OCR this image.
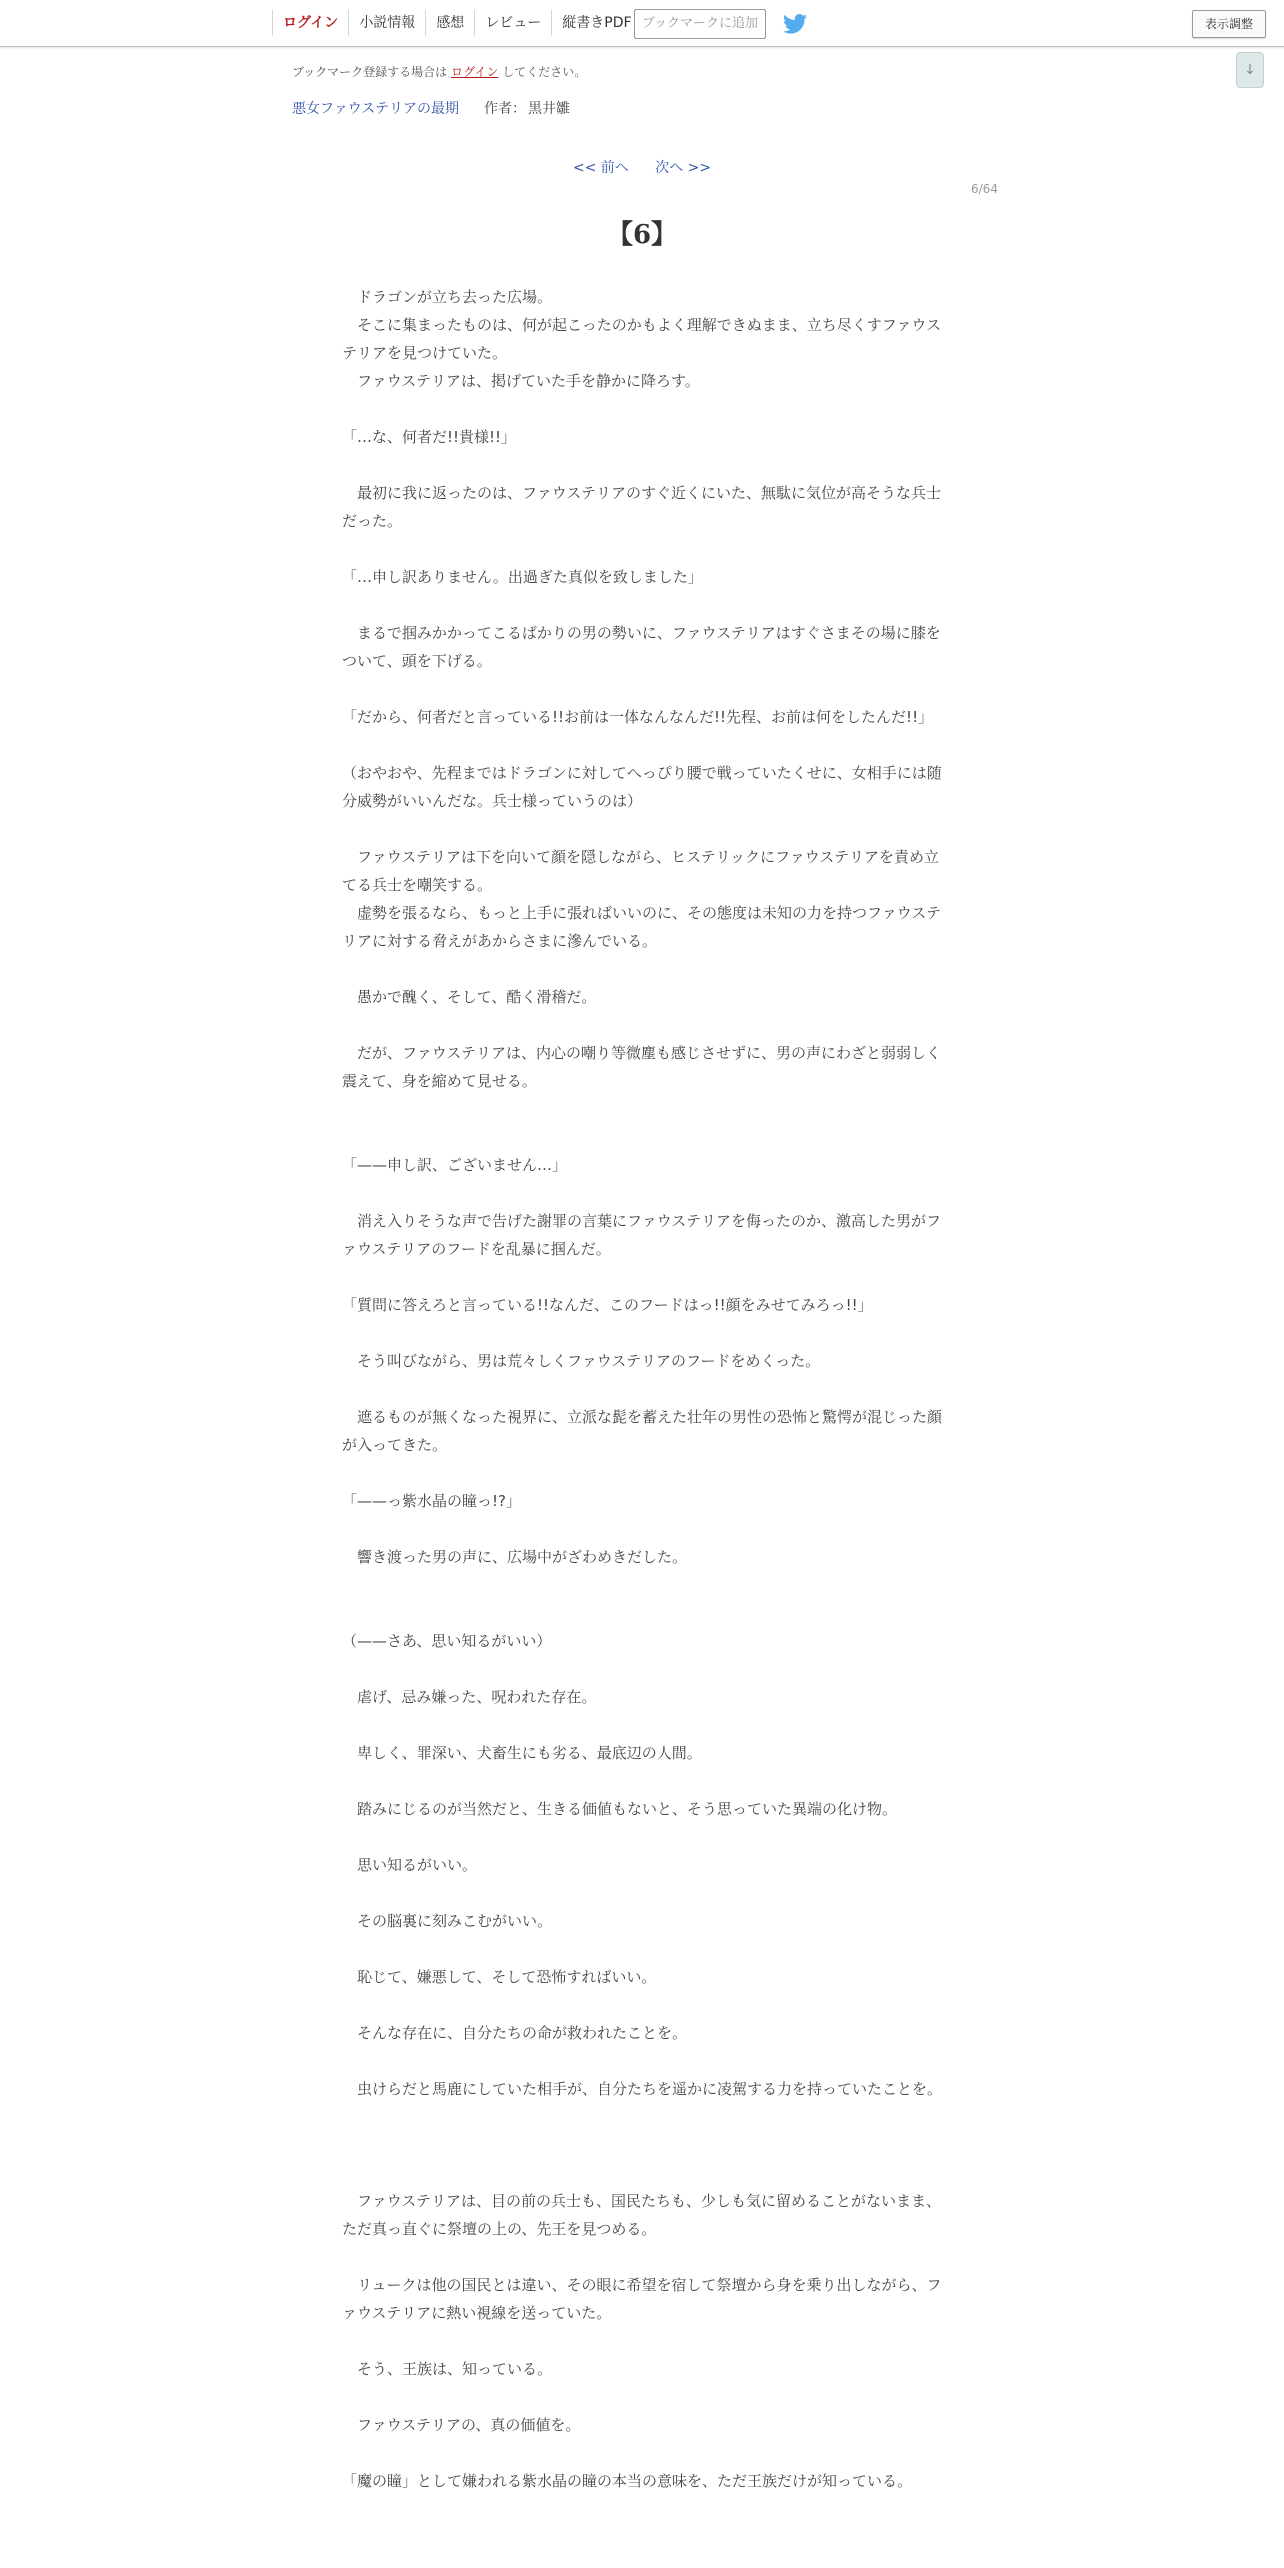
ログイン	小説情報	感想	レビュー	縦書きPDF ブックマークに追加	表示調整
↓
ブックマーク登録する場合は ログイン してください。
悪女ファウステリアの最期 作者： 黒井雛
<< 前へ 次へ >>
6/64
【6】

　ドラゴンが立ち去った広場。

　そこに集まったものは、何が起こったのかもよく理解できぬまま、立ち尽くすファウステリアを見つけていた。

　ファウステリアは、掲げていた手を静かに降ろす。

「…な、何者だ!!貴様!!」

　最初に我に返ったのは、ファウステリアのすぐ近くにいた、無駄に気位が高そうな兵士だった。

「…申し訳ありません。出過ぎた真似を致しました」

　まるで掴みかかってこるばかりの男の勢いに、ファウステリアはすぐさまその場に膝をついて、頭を下げる。

「だから、何者だと言っている!!お前は一体なんなんだ!!先程、お前は何をしたんだ!!」

（おやおや、先程まではドラゴンに対してへっぴり腰で戦っていたくせに、女相手には随分威勢がいいんだな。兵士様っていうのは）

　ファウステリアは下を向いて顔を隠しながら、ヒステリックにファウステリアを責め立てる兵士を嘲笑する。

　虚勢を張るなら、もっと上手に張ればいいのに、その態度は未知の力を持つファウステリアに対する脅えがあからさまに滲んでいる。

　愚かで醜く、そして、酷く滑稽だ。

　だが、ファウステリアは、内心の嘲り等微塵も感じさせずに、男の声にわざと弱弱しく震えて、身を縮めて見せる。

「——申し訳、ございません…」

　消え入りそうな声で告げた謝罪の言葉にファウステリアを侮ったのか、激高した男がファウステリアのフードを乱暴に掴んだ。

「質問に答えろと言っている!!なんだ、このフードはっ!!顔をみせてみろっ!!」

　そう叫びながら、男は荒々しくファウステリアのフードをめくった。

　遮るものが無くなった視界に、立派な髭を蓄えた壮年の男性の恐怖と驚愕が混じった顔が入ってきた。

「——っ紫水晶の瞳っ!?」

　響き渡った男の声に、広場中がざわめきだした。

（——さあ、思い知るがいい）

　虐げ、忌み嫌った、呪われた存在。

　卑しく、罪深い、犬畜生にも劣る、最底辺の人間。

　踏みにじるのが当然だと、生きる価値もないと、そう思っていた異端の化け物。

　思い知るがいい。

　その脳裏に刻みこむがいい。

　恥じて、嫌悪して、そして恐怖すればいい。

　そんな存在に、自分たちの命が救われたことを。

　虫けらだと馬鹿にしていた相手が、自分たちを遥かに凌駕する力を持っていたことを。

　ファウステリアは、目の前の兵士も、国民たちも、少しも気に留めることがないまま、ただ真っ直ぐに祭壇の上の、先王を見つめる。

　リュークは他の国民とは違い、その眼に希望を宿して祭壇から身を乗り出しながら、ファウステリアに熱い視線を送っていた。

　そう、王族は、知っている。

　ファウステリアの、真の価値を。

「魔の瞳」として嫌われる紫水晶の瞳の本当の意味を、ただ王族だけが知っている。
